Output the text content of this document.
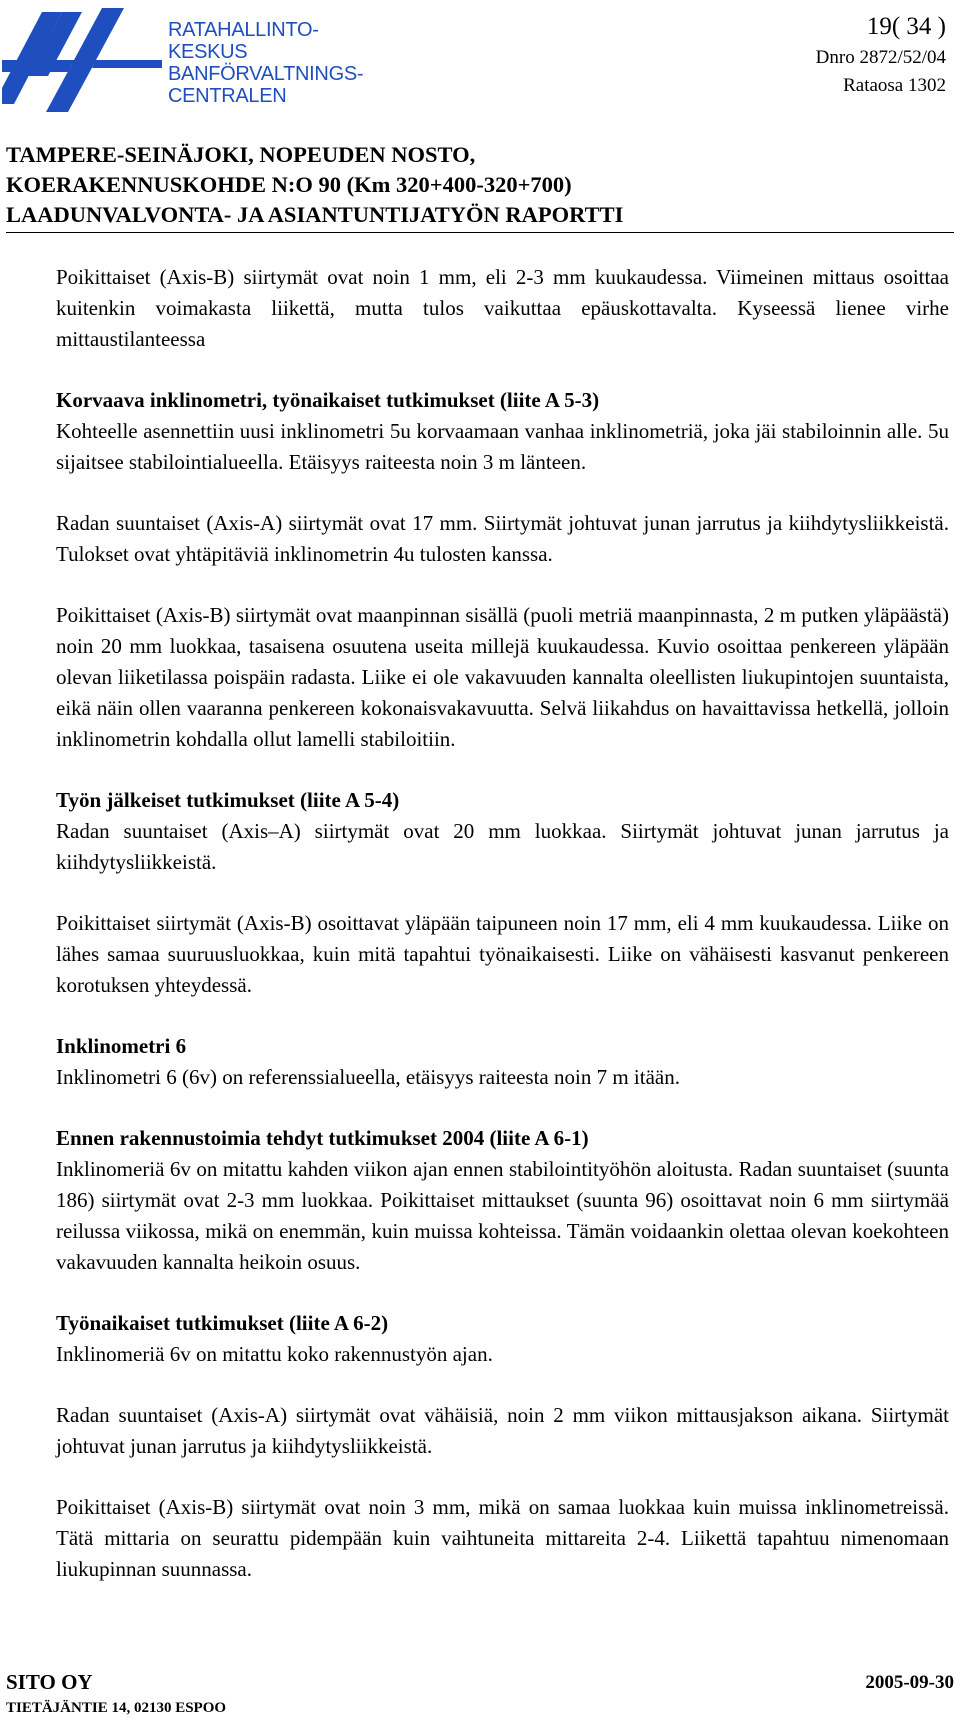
RATAHALLINTO-
KESKUS
BANFÖRVALTNINGS-
CENTRALEN
19( 34 )
Dnro 2872/52/04
Rataosa 1302
TAMPERE-SEINÄJOKI, NOPEUDEN NOSTO,
KOERAKENNUSKOHDE N:O 90 (Km 320+400-320+700)
LAADUNVALVONTA- JA ASIANTUNTIJATYÖN RAPORTTI

Poikittaiset (Axis-B) siirtymät ovat noin 1 mm, eli 2-3 mm kuukaudessa. Viimeinen mittaus osoittaa kuitenkin voimakasta liikettä, mutta tulos vaikuttaa epäuskottavalta. Kyseessä lienee virhe mittaustilanteessa

Korvaava inklinometri, työnaikaiset tutkimukset (liite A 5-3)

Kohteelle asennettiin uusi inklinometri 5u korvaamaan vanhaa inklinometriä, joka jäi stabiloinnin alle. 5u sijaitsee stabilointialueella. Etäisyys raiteesta noin 3 m länteen.

Radan suuntaiset (Axis-A) siirtymät ovat 17 mm. Siirtymät johtuvat junan jarrutus ja kiihdytysliikkeistä. Tulokset ovat yhtäpitäviä inklinometrin 4u tulosten kanssa.

Poikittaiset (Axis-B) siirtymät ovat maanpinnan sisällä (puoli metriä maanpinnasta, 2 m putken yläpäästä) noin 20 mm luokkaa, tasaisena osuutena useita millejä kuukaudessa. Kuvio osoittaa penkereen yläpään olevan liiketilassa poispäin radasta. Liike ei ole vakavuuden kannalta oleellisten liukupintojen suuntaista, eikä näin ollen vaaranna penkereen kokonaisvakavuutta. Selvä liikahdus on havaittavissa hetkellä, jolloin inklinometrin kohdalla ollut lamelli stabiloitiin.

Työn jälkeiset tutkimukset (liite A 5-4)

Radan suuntaiset (Axis–A) siirtymät ovat 20 mm luokkaa. Siirtymät johtuvat junan jarrutus ja kiihdytysliikkeistä.

Poikittaiset siirtymät (Axis-B) osoittavat yläpään taipuneen noin 17 mm, eli 4 mm kuukaudessa. Liike on lähes samaa suuruusluokkaa, kuin mitä tapahtui työnaikaisesti. Liike on vähäisesti kasvanut penkereen korotuksen yhteydessä.

Inklinometri 6

Inklinometri 6 (6v) on referenssialueella, etäisyys raiteesta noin 7 m itään.

Ennen rakennustoimia tehdyt tutkimukset 2004 (liite A 6-1)

Inklinomeriä 6v on mitattu kahden viikon ajan ennen stabilointityöhön aloitusta. Radan suuntaiset (suunta 186) siirtymät ovat 2-3 mm luokkaa. Poikittaiset mittaukset (suunta 96) osoittavat noin 6 mm siirtymää reilussa viikossa, mikä on enemmän, kuin muissa kohteissa. Tämän voidaankin olettaa olevan koekohteen vakavuuden kannalta heikoin osuus.

Työnaikaiset tutkimukset (liite A 6-2)

Inklinomeriä 6v on mitattu koko rakennustyön ajan.

Radan suuntaiset (Axis-A) siirtymät ovat vähäisiä, noin 2 mm viikon mittausjakson aikana. Siirtymät johtuvat junan jarrutus ja kiihdytysliikkeistä.

Poikittaiset (Axis-B) siirtymät ovat noin 3 mm, mikä on samaa luokkaa kuin muissa inklinometreissä. Tätä mittaria on seurattu pidempään kuin vaihtuneita mittareita 2-4. Liikettä tapahtuu nimenomaan liukupinnan suunnassa.

SITO OY	2005-09-30
TIETÄJÄNTIE 14, 02130 ESPOO
